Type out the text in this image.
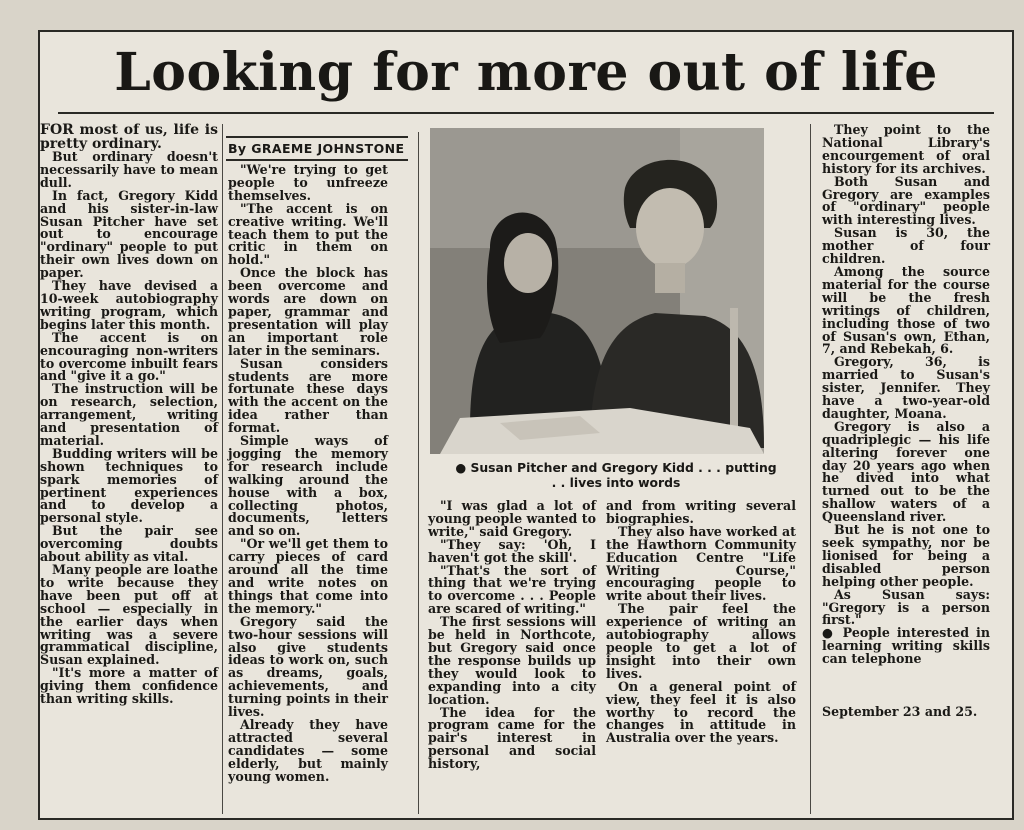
Looking for more out of life

FOR most of us, life is pretty ordinary.

But ordinary doesn't necessarily have to mean dull.

In fact, Gregory Kidd and his sister-in-law Susan Pitcher have set out to encourage "ordinary" people to put their own lives down on paper.

They have devised a 10-week autobiography writing program, which begins later this month.

The accent is on encouraging non-writers to overcome inbuilt fears and "give it a go."

The instruction will be on research, selection, arrangement, writing and presentation of material.

Budding writers will be shown techniques to spark memories of pertinent experiences and to develop a personal style.

But the pair see overcoming doubts about ability as vital.

Many people are loathe to write because they have been put off at school — especially in the earlier days when writing was a severe grammatical discipline, Susan explained.

"It's more a matter of giving them confidence than writing skills.

By GRAEME JOHNSTONE

"We're trying to get people to unfreeze themselves.

"The accent is on creative writing. We'll teach them to put the critic in them on hold."

Once the block has been overcome and words are down on paper, grammar and presentation will play an important role later in the seminars.

Susan considers students are more fortunate these days with the accent on the idea rather than format.

Simple ways of jogging the memory for research include walking around the house with a box, collecting photos, documents, letters and so on.

"Or we'll get them to carry pieces of card around all the time and write notes on things that come into the memory."

Gregory said the two-hour sessions will also give students ideas to work on, such as dreams, goals, achievements, and turning points in their lives.

Already they have attracted several candidates — some elderly, but mainly young women.

● Susan Pitcher and Gregory Kidd . . . putting
. . lives into words

"I was glad a lot of young people wanted to write," said Gregory.

"They say: 'Oh, I haven't got the skill'.

"That's the sort of thing that we're trying to overcome . . . People are scared of writing."

The first sessions will be held in Northcote, but Gregory said once the response builds up they would look to expanding into a city location.

The idea for the program came for the pair's interest in personal and social history,

and from writing several biographies.

They also have worked at the Hawthorn Community Education Centre "Life Writing Course," encouraging people to write about their lives.

The pair feel the experience of writing an autobiography allows people to get a lot of insight into their own lives.

On a general point of view, they feel it is also worthy to record the changes in attitude in Australia over the years.

They point to the National Library's encourgement of oral history for its archives.

Both Susan and Gregory are examples of "ordinary" people with interesting lives.

Susan is 30, the mother of four children.

Among the source material for the course will be the fresh writings of children, including those of two of Susan's own, Ethan, 7, and Rebekah, 6.

Gregory, 36, is married to Susan's sister, Jennifer. They have a two-year-old daughter, Moana.

Gregory is also a quadriplegic — his life altering forever one day 20 years ago when he dived into what turned out to be the shallow waters of a Queensland river.

But he is not one to seek sympathy, nor be lionised for being a disabled person helping other people.

As Susan says: "Gregory is a person first."

● People interested in learning writing skills can telephone

September 23 and 25.
